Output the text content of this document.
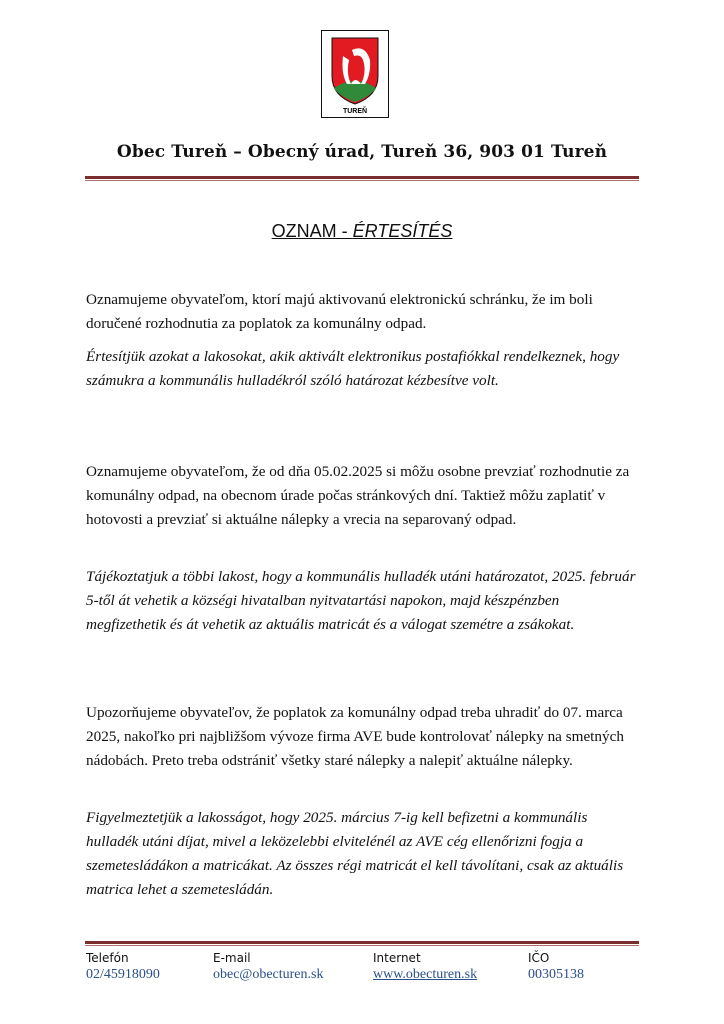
TUREŇ
Obec Tureň – Obecný úrad, Tureň 36, 903 01 Tureň
OZNAM - ÉRTESÍTÉS

Oznamujeme obyvateľom, ktorí majú aktivovanú elektronickú schránku, že im boli doručené rozhodnutia za poplatok za komunálny odpad.

Értesítjük azokat a lakosokat, akik aktivált elektronikus postafiókkal rendelkeznek, hogy számukra a kommunális hulladékról szóló határozat kézbesítve volt.

Oznamujeme obyvateľom, že od dňa 05.02.2025 si môžu osobne prevziať rozhodnutie za komunálny odpad, na obecnom úrade počas stránkových dní. Taktiež môžu zaplatiť v hotovosti a prevziať si aktuálne nálepky a vrecia na separovaný odpad.

Tájékoztatjuk a többi lakost, hogy a kommunális hulladék utáni határozatot, 2025. február 5-től át vehetik a községi hivatalban nyitvatartási napokon, majd készpénzben megfizethetik és át vehetik az aktuális matricát és a válogat szemétre a zsákokat.

Upozorňujeme obyvateľov, že poplatok za komunálny odpad treba uhradiť do 07. marca 2025, nakoľko pri najbližšom vývoze firma AVE bude kontrolovať nálepky na smetných nádobách. Preto treba odstrániť všetky staré nálepky a nalepiť aktuálne nálepky.

Figyelmeztetjük a lakosságot, hogy 2025. március 7-ig kell befizetni a kommunális hulladék utáni díjat, mivel a leközelebbi elvitelénél az AVE cég ellenőrizni fogja a szemetesládákon a matricákat. Az összes régi matricát el kell távolítani, csak az aktuális matrica lehet a szemetesládán.

Telefón
02/45918090
E-mail
obec@obecturen.sk
Internet
www.obecturen.sk
IČO
00305138
